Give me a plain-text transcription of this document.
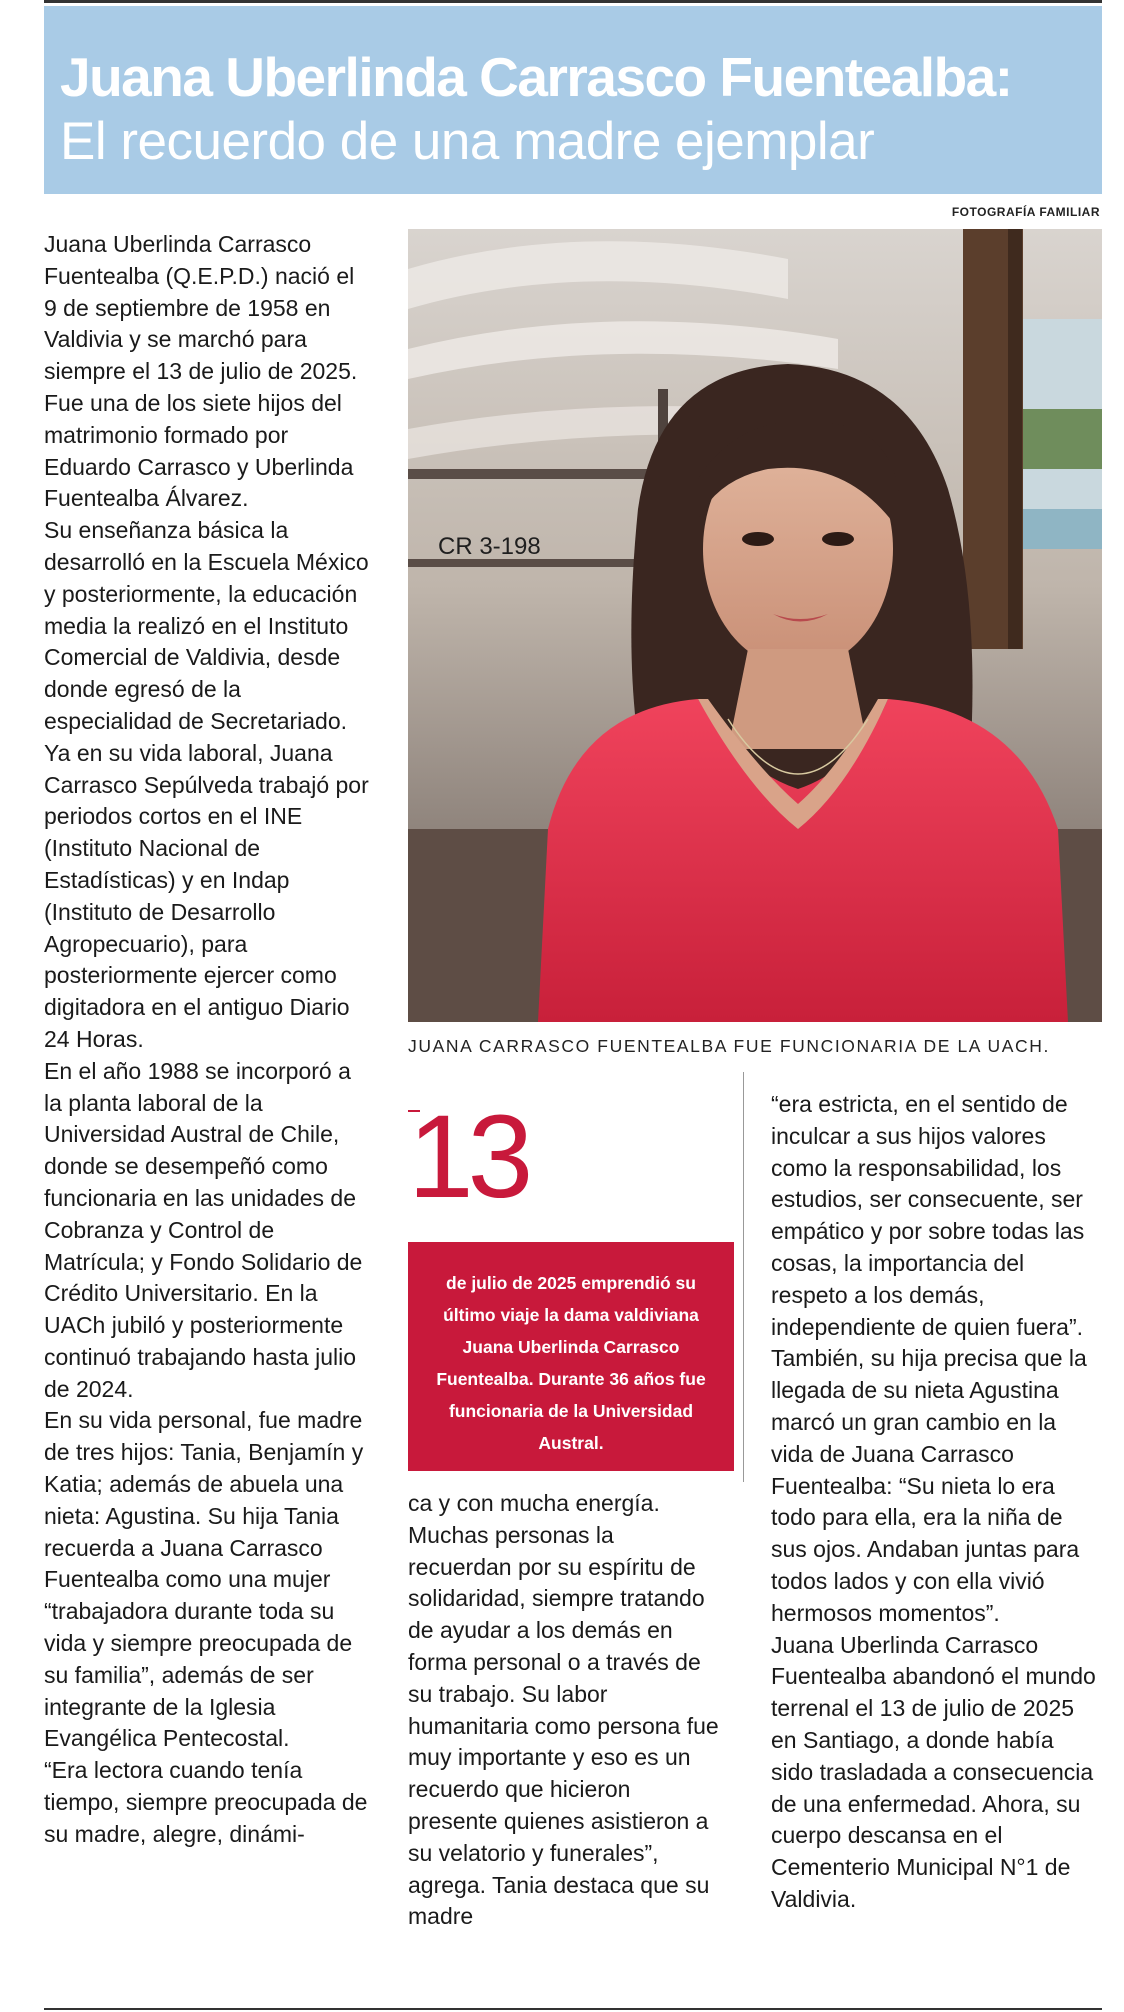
Juana Uberlinda Carrasco Fuentealba:
El recuerdo de una madre ejemplar
FOTOGRAFÍA FAMILIAR

Juana Uberlinda Carrasco Fuentealba (Q.E.P.D.) nació el 9 de septiembre de 1958 en Valdivia y se marchó para siempre el 13 de julio de 2025. Fue una de los siete hijos del matrimonio formado por Eduardo Carrasco y Uberlinda Fuentealba Álvarez.

Su enseñanza básica la desarrolló en la Escuela México y posteriormente, la educación media la realizó en el Instituto Comercial de Valdivia, desde donde egresó de la especialidad de Secretariado.

Ya en su vida laboral, Juana Carrasco Sepúlveda trabajó por periodos cortos en el INE (Instituto Nacional de Estadísticas) y en Indap (Instituto de Desarrollo Agropecuario), para posteriormente ejercer como digitadora en el antiguo Diario 24 Horas.

En el año 1988 se incorporó a la planta laboral de la Universidad Austral de Chile, donde se desempeñó como funcionaria en las unidades de Cobranza y Control de Matrícula; y Fondo Solidario de Crédito Universitario. En la UACh jubiló y posteriormente continuó trabajando hasta julio de 2024.

En su vida personal, fue madre de tres hijos: Tania, Benjamín y Katia; además de abuela una nieta: Agustina. Su hija Tania recuerda a Juana Carrasco Fuentealba como una mujer “trabajadora durante toda su vida y siempre preocupada de su familia”, además de ser integrante de la Iglesia Evangélica Pentecostal.

“Era lectora cuando tenía tiempo, siempre preocupada de su madre, alegre, dinámi-

CR 3-198
JUANA CARRASCO FUENTEALBA FUE FUNCIONARIA DE LA UACH.
13
de julio de 2025 emprendió su último viaje la dama valdiviana Juana Uberlinda Carrasco Fuentealba. Durante 36 años fue funcionaria de la Universidad Austral.

ca y con mucha energía. Muchas personas la recuerdan por su espíritu de solidaridad, siempre tratando de ayudar a los demás en forma personal o a través de su trabajo. Su labor humanitaria como persona fue muy importante y eso es un recuerdo que hicieron presente quienes asistieron a su velatorio y funerales”, agrega. Tania destaca que su madre

“era estricta, en el sentido de inculcar a sus hijos valores como la responsabilidad, los estudios, ser consecuente, ser empático y por sobre todas las cosas, la importancia del respeto a los demás, independiente de quien fuera”.

También, su hija precisa que la llegada de su nieta Agustina marcó un gran cambio en la vida de Juana Carrasco Fuentealba: “Su nieta lo era todo para ella, era la niña de sus ojos. Andaban juntas para todos lados y con ella vivió hermosos momentos”.

Juana Uberlinda Carrasco Fuentealba abandonó el mundo terrenal el 13 de julio de 2025 en Santiago, a donde había sido trasladada a consecuencia de una enfermedad. Ahora, su cuerpo descansa en el Cementerio Municipal N°1 de Valdivia.
